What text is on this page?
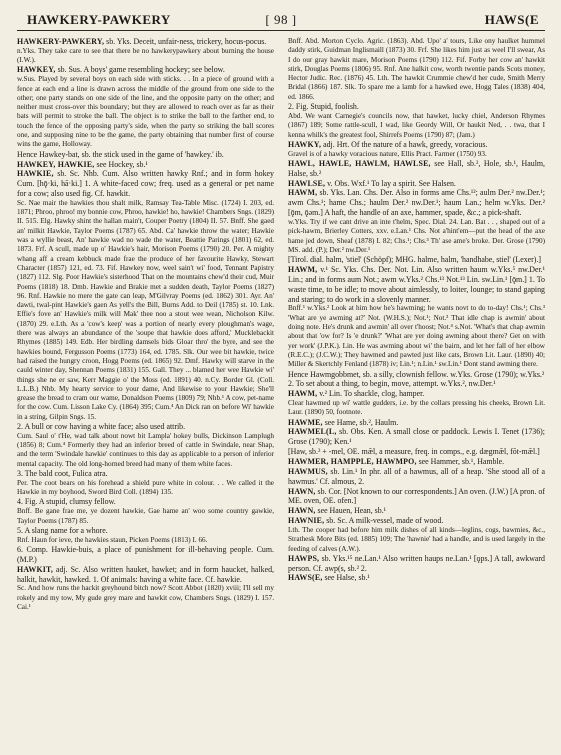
HAWKERY-PAWKERY	[ 98 ]	HAWS(E

HAWKERY-PAWKERY, sb. Yks. Deceit, unfair-ness, trickery, hocus-pocus.

n.Yks. They take care to see that there be no hawkerypawkery about burning the house (I.W.).

HAWKEY, sb. Sus. A boys' game resembling hockey; see below.

w.Sus. Played by several boys on each side with sticks. . . In a piece of ground with a fence at each end a line is drawn across the middle of the ground from one side to the other; one party stands on one side of the line, and the opposite party on the other; and neither must cross-over this boundary; but they are allowed to reach over as far as their bats will permit to stroke the ball. The object is to strike the ball to the farther end, to touch the fence of the opposing party's side, when the party so striking the ball scores one, and supposing nine to be the game, the party obtaining that number first of course wins the game, Holloway.

Hence Hawkey-bat, sb. the stick used in the game of 'hawkey.' ib.

HAWKEY, HAWKIE, see Hockey, sb.¹

HAWKIE, sb. Sc. Nhb. Cum. Also written hawky Rnf.; and in form hokey Cum. [hǭ·ki, hā·ki.] 1. A white-faced cow; freq. used as a general or pet name for a cow; also used fig. Cf. hawkit.

Sc. Nae mair the hawkies thou shalt milk, Ramsay Tea-Table Misc. (1724) I. 203, ed. 1871; Phroo, phroo! my bonnie cow, Phroo, hawkie! ho, hawkie! Chambers Sngs. (1829) II. 515. Elg. Hawky shint the hallan main't, Couper Poetry (1804) II. 57. Bnff. She gaed an' milkit Hawkie, Taylor Poems (1787) 65. Abd. Ca' hawkie throw the water; Hawkie was a wyllie beast, An' hawkie wad no wade the water, Beattie Parings (1801) 62, ed. 1873. Frf. A scull, made up o' Hawkie's hair, Morison Poems (1790) 20. Per. A mighty whang aff a cream kebbuck made frae the produce of her favourite Hawky, Stewart Character (1857) 121, ed. 73. Fif. Hawkey now, weel sain't wi' food, Tennant Papistry (1827) 112. Slg. Poor Hawkie's sisterhood That on the mountains chew'd their cud, Muir Poems (1818) 18. Dmb. Hawkie and Brakie met a sudden death, Taylor Poems (1827) 96. Rnf. Hawkie no mere the gate can leap, M'Gilvray Poems (ed. 1862) 301. Ayr. An' dawti, twal-pint Hawkie's gaen As yell's the Bill, Burns Add. to Deil (1785) st. 10. Lnk. Effie's fove an' Hawkie's milk will Mak' thee noo a stout wee wean, Nicholson Kilw. (1870) 29. e.Lth. As a 'cow's keep' was a portion of nearly every ploughman's wage, there was always an abundance of the 'soupe that hawkie does afford,' Mucklebackit Rhymes (1885) 149. Edb. Her birdling damsels bids Gloar thro' the byre, and see the hawkies bound, Fergusson Poems (1773) 164, ed. 1785. Slk. Our wee bit hawkie, twice had raised the hungry croon, Hogg Poems (ed. 1865) 92. Dmf. Hawky will starve in the cauld winter day, Shennan Poems (1831) 155. Gall. They ... blamed her wee Hawkie wi' things she ne er saw, Kerr Maggie o' the Moss (ed. 1891) 40. n.Cy. Border Gl. (Coll. L.L.B.) Nhb. My hearty service to your dame, And likewise to your Hawkie; She'll grease the bread to cram our wame, Donaldson Poems (1809) 79; Nhb.¹ A cow, pet-name for the cow. Cum. Lisson Lake Cy. (1864) 395; Cum.⁴ An Dick ran on before Wi' hawkie in a string, Gilpin Sngs. 15.

2. A bull or cow having a white face; also used attrib.

Cum. Saul o' t'He, wad talk about nowt bit Lampla' hokey bulls, Dickinson Lamplugh (1856) 8; Cum.⁴ Formerly they had an inferior breed of cattle in Swindale, near Shap, and the term 'Swindale hawkie' continues to this day as applicable to a person of inferior mental capacity. The old long-horned breed had many of them white faces.

3. The bald coot, Fulica atra.

Per. The coot bears on his forehead a shield pure white in colour. . . We called it the Hawkie in my boyhood, Sword Bird Coll. (1894) 135.

4. Fig. A stupid, clumsy fellow.

Bnff. Be gane frae me, ye dozent hawkie, Gae hame an' woo some country gawkie, Taylor Poems (1787) 85.

5. A slang name for a whore.

Rnf. Haun for ieve, the hawkies staun, Picken Poems (1813) I. 66.

6. Comp. Hawkie-buis, a place of punishment for ill-behaving people. Cum. (M.P.)

HAWKIT, adj. Sc. Also written hauket, hawket; and in form haucket, halked, halkit, hawkit, hawked. 1. Of animals: having a white face. Cf. hawkie.

Sc. And how runs the hackit greyhound bitch now? Scott Abbot (1820) xviii; I'll sell my rokely and my tow, My gude grey mare and hawkit cow, Chambers Sngs. (1829) I. 157. Cai.¹

Bnff. Abd. Morton Cyclo. Agric. (1863). Abd. Upo' a' tours, Like ony haulket hummel daddy stirk, Guidman Inglismaill (1873) 30. Frf. She likes him just as weel I'll swear, As I do our gray hawkit mare, Morison Poems (1790) 112. Fif. Forby her cow an' hawkit stirk, Douglas Poems (1806) 95. Rnf. Ane halkit cow, worth twentie pands Scots money, Hector Judic. Rec. (1876) 45. Lth. The hawkit Crummie chew'd her cude, Smith Merry Bridal (1866) 187. Slk. To spare me a lamb for a hawked ewe, Hogg Tales (1838) 404, ed. 1866.

2. Fig. Stupid, foolish.

Abd. We want Carnegie's councils now, that hawket, lucky chiel, Anderson Rhymes (1867) 189; Some rattle-scull, I wad, like Geordy Will, Or haukit Ned, . . twa, that I kenna whilk's the greatest fool, Shirrefs Poems (1790) 87; (Jam.)

HAWKY, adj. Hrt. Of the nature of a hawk, greedy, voracious.

Gravel is of a hawky voracious nature, Ellis Pract. Farmer (1750) 93.

HAWL, HAWLE, HAWLM, HAWLSE, see Hall, sb.², Hole, sb.¹, Haulm, Halse, sb.²

HAWLSE, v. Obs. Wxf.¹ To lay a spirit. See Halsen.

HAWM, sb. Yks. Lan. Chs. Der. Also in forms ame Chs.¹²; aulm Der.² nw.Der.¹; awm Chs.¹; hame Chs.; haulm Der.² nw.Der.¹; haum Lan.; helm w.Yks. Der.² [ǭm, ǭəm.] A haft, the handle of an axe, hammer, spade, &c.; a pick-shaft.

w.Yks. Try if we cant drive an inte t'helm, Spec. Dial. 24. Lan. Bat . . , shaped out of a pick-hawm, Brierley Cotters, xxv. e.Lan.¹ Chs. Not a'hint'em—put the head of the axe hame jed down, Sheaf (1878) I. 82; Chs.¹; Chs.³ Th' ase ame's broke. Der. Grose (1790) MS. add. (P.); Der.² nw.Der.¹

[Tirol. dial. halm, 'stiel' (Schöpf); MHG. halme, halm, 'handhabe, stiel' (Lexer).]

HAWM, v.¹ Sc. Yks. Chs. Der. Not. Lin. Also written haum w.Yks.⁵ nw.Der.¹ Lin.; and in forms aum Not.; awm w.Yks.² Chs.¹³ Not.¹³ Lin. sw.Lin.¹ [ǭm.] 1. To waste time, to be idle; to move about aimlessly, to loiter, lounge; to stand gaping and staring; to do work in a slovenly manner.

Bnff.¹ w.Yks.² Look at him how he's hawming; he wants novt to do to-day! Chs.¹; Chs.³ 'What are ye awming at?' Not. (W.H.S.); Not.¹; Not.³ That idle chap is awmin' about doing note. He's drunk and awmin' all over t'hoost; Not.⁴ s.Not. 'What's that chap awmin about that 'ow for? Is 'e drunk?' 'What are yer doing awming about there? Get on with yer work' (J.P.K.). Lin. He was awming about wi' the bairn, and let her fall of her elbow (R.E.C.); (J.C.W.); They hawmed and pawted just like cats, Brown Lit. Laur. (1890) 40; Miller & Skertchly Fenland (1878) iv; Lin.¹; n.Lin.¹ sw.Lin.¹ Dont stand awming there.

Hence Hawmgobbmet, sb. a silly, clownish fellow. w.Yks. Grose (1790); w.Yks.²

2. To set about a thing, to begin, move, attempt. w.Yks.², nw.Der.¹

HAWM, v.² Lin. To shackle, clog, hamper.

Clear hawmed up wi' wattle gudders, i.e. by the collars pressing his cheeks, Brown Lit. Laur. (1890) 50, footnote.

HAWME, see Hame, sb.², Haulm.

HAWMEL(L, sb. Obs. Ken. A small close or paddock. Lewis I. Tenet (1736); Grose (1790); Ken.¹

[Haw, sb.² + -mel, OE. mǣl, a measure, freq. in comps., e.g. dægmǣl, fōt-mǣl.]

HAWMER, HAMPPLE, HAWMPO, see Hammer, sb.¹, Hamble.

HAWMUS, sb. Lin.¹ In phr. all of a hawmus, all of a heap. 'She stood all of a hawmus.' Cf. almous, 2.

HAWN, sb. Cor. [Not known to our correspondents.] An oven. (J.W.) [A pron. of ME. oven, OE. ofen.]

HAWN, see Hauen, Hean, sb.¹

HAWNIE, sb. Sc. A milk-vessel, made of wood.

Lth. The cooper had before him milk dishes of all kinds—leglins, cogs, bawmies, &c., Strathesk More Bits (ed. 1885) 109; The 'hawnie' had a handle, and is used largely in the feeding of calves (A.W.).

HAWPS, sb. Yks.¹⁵ ne.Lan.¹ Also written haups ne.Lan.¹ [ǫps.] A tall, awkward person. Cf. awp(s, sb.² 2.

HAWS(E, see Halse, sb.¹
